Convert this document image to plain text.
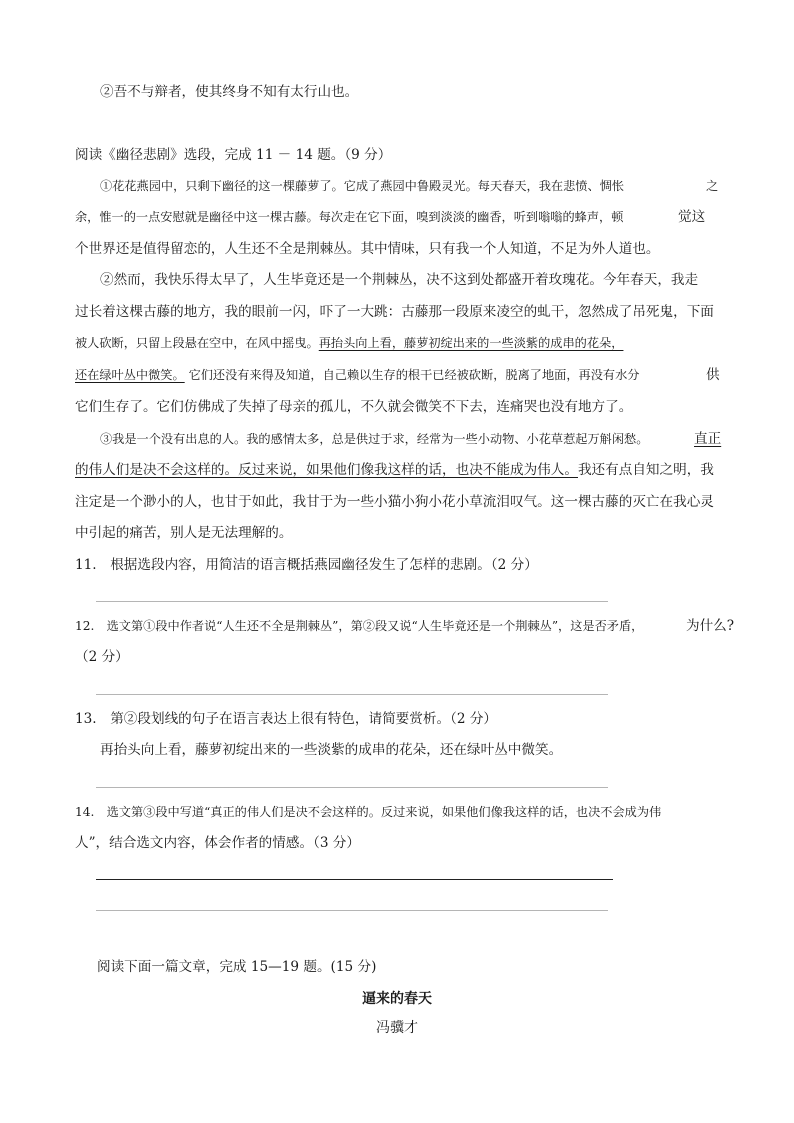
②吾不与辩者，使其终身不知有太行山也。
阅读《幽径悲剧》选段，完成 11 － 14 题。（9 分）
①花花燕园中，只剩下幽径的这一棵藤萝了。它成了燕园中鲁殿灵光。每天春天，我在悲愤、惆怅	之
余，惟一的一点安慰就是幽径中这一棵古藤。每次走在它下面，嗅到淡淡的幽香，听到嗡嗡的蜂声，顿	觉这
个世界还是值得留恋的，人生还不全是荆棘丛。其中情味，只有我一个人知道，不足为外人道也。
②然而，我快乐得太早了，人生毕竟还是一个荆棘丛，决不这到处都盛开着玫瑰花。今年春天，我走
过长着这棵古藤的地方，我的眼前一闪，吓了一大跳：古藤那一段原来凌空的虬干，忽然成了吊死鬼，下面
被人砍断，只留上段悬在空中，在风中摇曳。再抬头向上看，藤萝初绽出来的一些淡紫的成串的花朵，
还在绿叶丛中微笑。 它们还没有来得及知道，自己赖以生存的根干已经被砍断，脱离了地面，再没有水分	供
它们生存了。它们仿佛成了失掉了母亲的孤儿，不久就会微笑不下去，连痛哭也没有地方了。
③我是一个没有出息的人。我的感情太多，总是供过于求，经常为一些小动物、小花草惹起万斛闲愁。	直正
的伟人们是决不会这样的。反过来说，如果他们像我这样的话，也决不能成为伟人。我还有点自知之明，我
注定是一个渺小的人，也甘于如此，我甘于为一些小猫小狗小花小草流泪叹气。这一棵古藤的灭亡在我心灵
中引起的痛苦，别人是无法理解的。
11.　根据选段内容，用简洁的语言概括燕园幽径发生了怎样的悲剧。（2 分）
12.　选文第①段中作者说“人生还不全是荆棘丛”，第②段又说“人生毕竟还是一个荆棘丛”，这是否矛盾，	为什么?
（2 分）
13.　第②段划线的句子在语言表达上很有特色，请简要赏析。（2 分）
再抬头向上看，藤萝初绽出来的一些淡紫的成串的花朵，还在绿叶丛中微笑。
14.　选文第③段中写道“真正的伟人们是决不会这样的。反过来说，如果他们像我这样的话，也决不会成为伟
人”，结合选文内容，体会作者的情感。（3 分）
阅读下面一篇文章，完成 15—19 题。(15 分)
逼来的春天
冯骥才
